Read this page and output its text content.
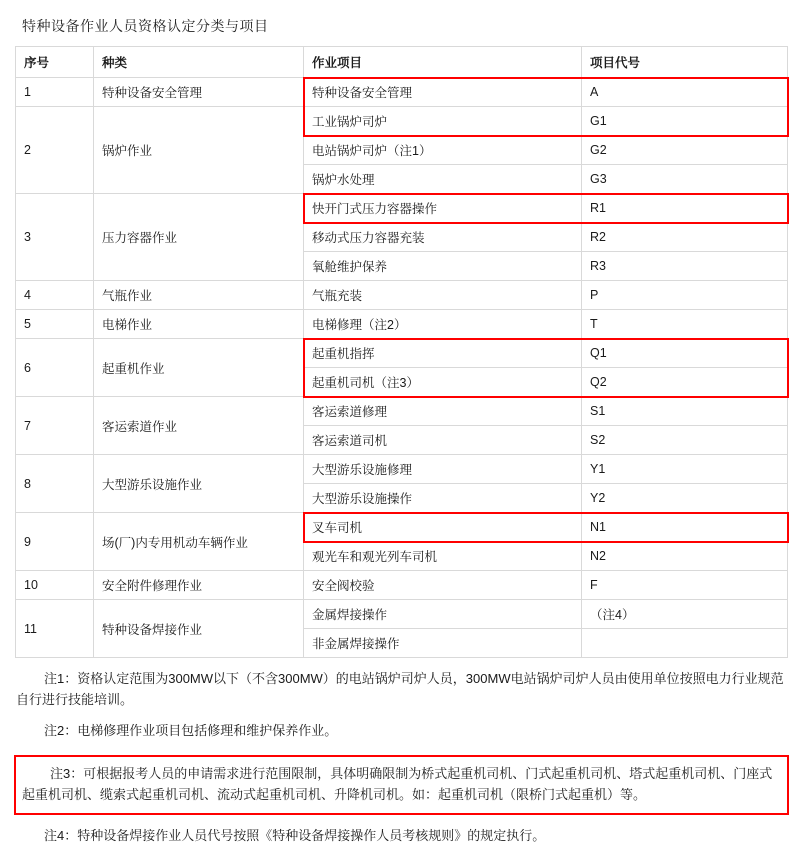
特种设备作业人员资格认定分类与项目
序号	种类	作业项目	项目代号
1	特种设备安全管理	特种设备安全管理	A
2	锅炉作业	工业锅炉司炉	G1
		电站锅炉司炉（注1）	G2
		锅炉水处理	G3
3	压力容器作业	快开门式压力容器操作	R1
		移动式压力容器充装	R2
		氧舱维护保养	R3
4	气瓶作业	气瓶充装	P
5	电梯作业	电梯修理（注2）	T
6	起重机作业	起重机指挥	Q1
		起重机司机（注3）	Q2
7	客运索道作业	客运索道修理	S1
		客运索道司机	S2
8	大型游乐设施作业	大型游乐设施修理	Y1
		大型游乐设施操作	Y2
9	场(厂)内专用机动车辆作业	叉车司机	N1
		观光车和观光列车司机	N2
10	安全附件修理作业	安全阀校验	F
11	特种设备焊接作业	金属焊接操作	（注4）
		非金属焊接操作	

注1：资格认定范围为300MW以下（不含300MW）的电站锅炉司炉人员，300MW电站锅炉司炉人员由使用单位按照电力行业规范自行进行技能培训。

注2：电梯修理作业项目包括修理和维护保养作业。

注3：可根据报考人员的申请需求进行范围限制，具体明确限制为桥式起重机司机、门式起重机司机、塔式起重机司机、门座式起重机司机、缆索式起重机司机、流动式起重机司机、升降机司机。如：起重机司机（限桥门式起重机）等。

注4：特种设备焊接作业人员代号按照《特种设备焊接操作人员考核规则》的规定执行。
